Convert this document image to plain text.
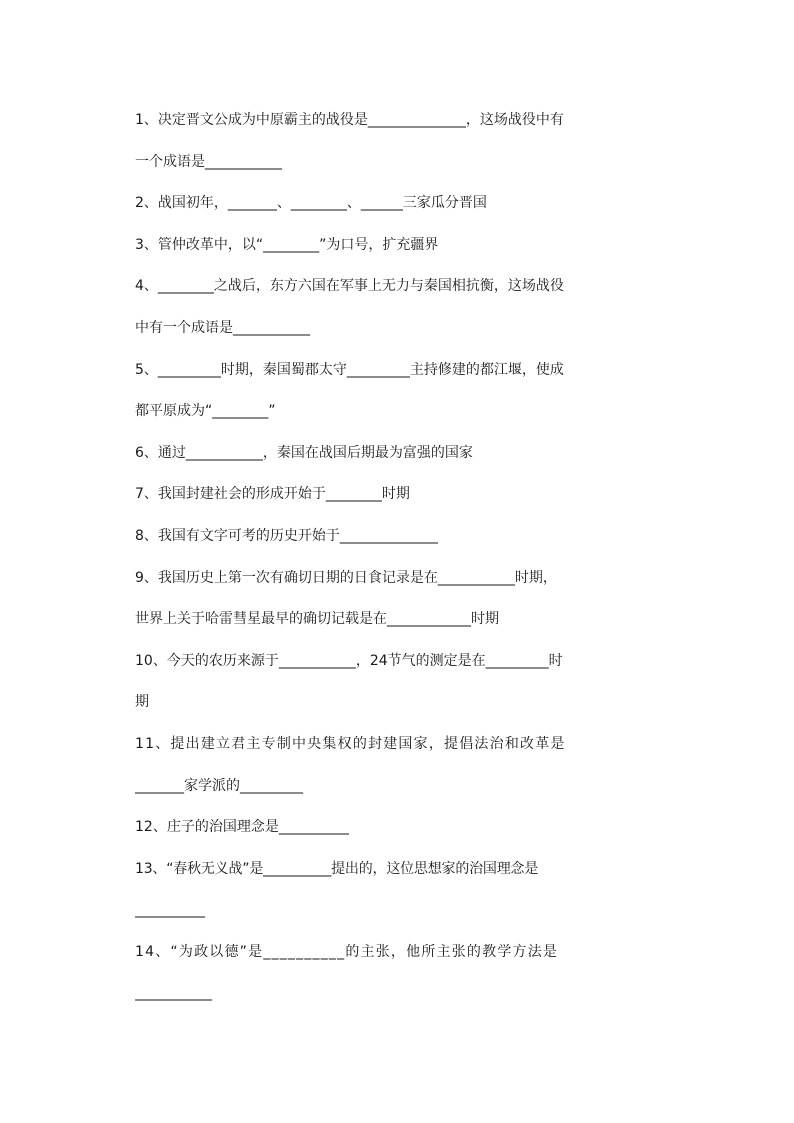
1、决定晋文公成为中原霸主的战役是______________，这场战役中有
一个成语是___________
2、战国初年，_______、________、______三家瓜分晋国
3、管仲改革中，以“________”为口号，扩充疆界
4、________之战后，东方六国在军事上无力与秦国相抗衡，这场战役
中有一个成语是___________
5、_________时期，秦国蜀郡太守_________主持修建的都江堰，使成
都平原成为“________”
6、通过___________，秦国在战国后期最为富强的国家
7、我国封建社会的形成开始于________时期
8、我国有文字可考的历史开始于______________
9、我国历史上第一次有确切日期的日食记录是在___________时期，
世界上关于哈雷彗星最早的确切记载是在____________时期
10、今天的农历来源于___________，24节气的测定是在_________时
期
11、提出建立君主专制中央集权的封建国家，提倡法治和改革是
_______家学派的_________
12、庄子的治国理念是__________
13、“春秋无义战”是__________提出的，这位思想家的治国理念是
__________
14、“为政以德”是__________的主张，他所主张的教学方法是
___________
